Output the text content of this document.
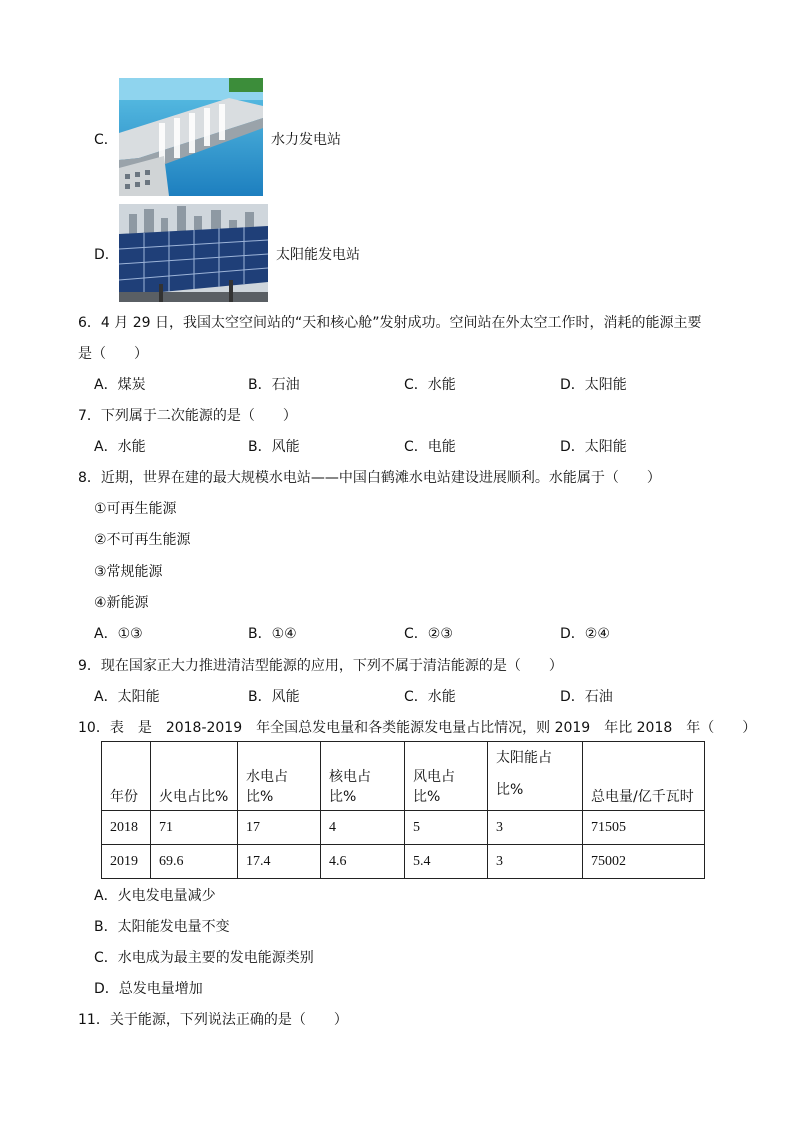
C．	水力发电站
D．	太阳能发电站
6．4 月 29 日，我国太空空间站的“天和核心舱”发射成功。空间站在外太空工作时，消耗的能源主要
是（　　）
A．煤炭	B．石油	C．水能	D．太阳能
7．下列属于二次能源的是（　　）
A．水能	B．风能	C．电能	D．太阳能
8．近期，世界在建的最大规模水电站——中国白鹤滩水电站建设进展顺利。水能属于（　　）
①可再生能源
②不可再生能源
③常规能源
④新能源
A．①③	B．①④	C．②③	D．②④
9．现在国家正大力推进清洁型能源的应用，下列不属于清洁能源的是（　　）
A．太阳能	B．风能	C．水能	D．石油
10．表　是　2018-2019　年全国总发电量和各类能源发电量占比情况，则 2019　年比 2018　年（　　）
年份	火电占比%	水电占比%	核电占比%	风电占比%	太阳能占比%	总电量/亿千瓦时
2018	71	17	4	5	3	71505
2019	69.6	17.4	4.6	5.4	3	75002
A．火电发电量减少
B．太阳能发电量不变
C．水电成为最主要的发电能源类别
D．总发电量增加
11．关于能源，下列说法正确的是（　　）
